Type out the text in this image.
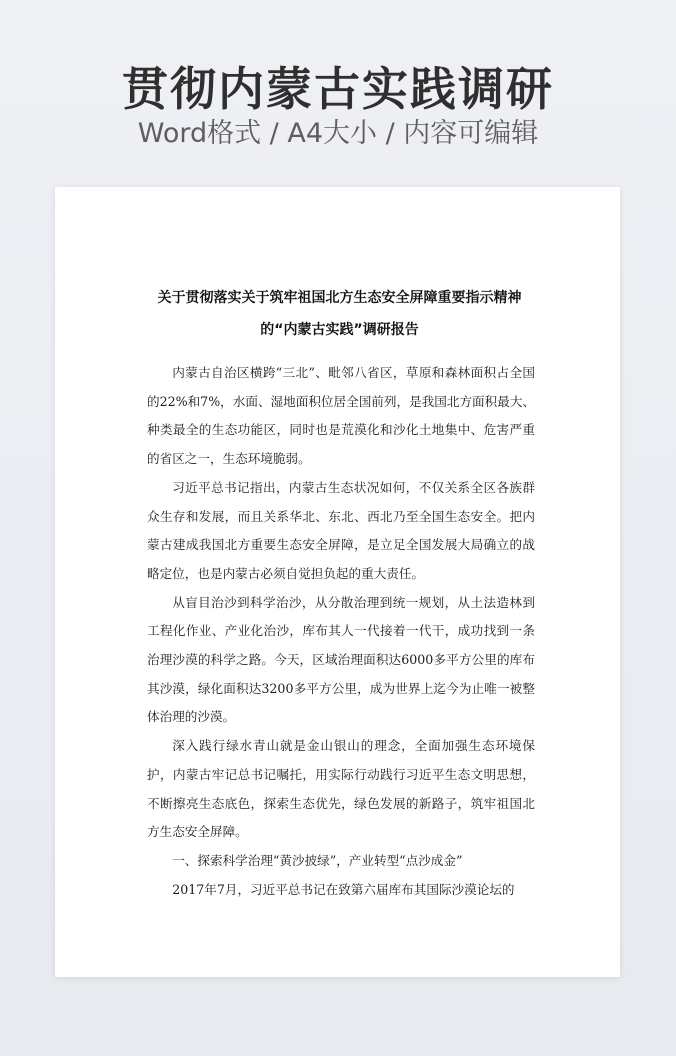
贯彻内蒙古实践调研
Word格式 / A4大小 / 内容可编辑
关于贯彻落实关于筑牢祖国北方生态安全屏障重要指示精神的“内蒙古实践”调研报告

内蒙古自治区横跨“三北”、毗邻八省区，草原和森林面积占全国的22%和7%，水面、湿地面积位居全国前列，是我国北方面积最大、种类最全的生态功能区，同时也是荒漠化和沙化土地集中、危害严重的省区之一，生态环境脆弱。

习近平总书记指出，内蒙古生态状况如何，不仅关系全区各族群众生存和发展，而且关系华北、东北、西北乃至全国生态安全。把内蒙古建成我国北方重要生态安全屏障，是立足全国发展大局确立的战略定位，也是内蒙古必须自觉担负起的重大责任。

从盲目治沙到科学治沙，从分散治理到统一规划，从土法造林到工程化作业、产业化治沙，库布其人一代接着一代干，成功找到一条治理沙漠的科学之路。今天，区域治理面积达6000多平方公里的库布其沙漠，绿化面积达3200多平方公里，成为世界上迄今为止唯一被整体治理的沙漠。

深入践行绿水青山就是金山银山的理念，全面加强生态环境保护，内蒙古牢记总书记嘱托，用实际行动践行习近平生态文明思想，不断擦亮生态底色，探索生态优先，绿色发展的新路子，筑牢祖国北方生态安全屏障。

一、探索科学治理“黄沙披绿”，产业转型“点沙成金”

2017年7月，习近平总书记在致第六届库布其国际沙漠论坛的
